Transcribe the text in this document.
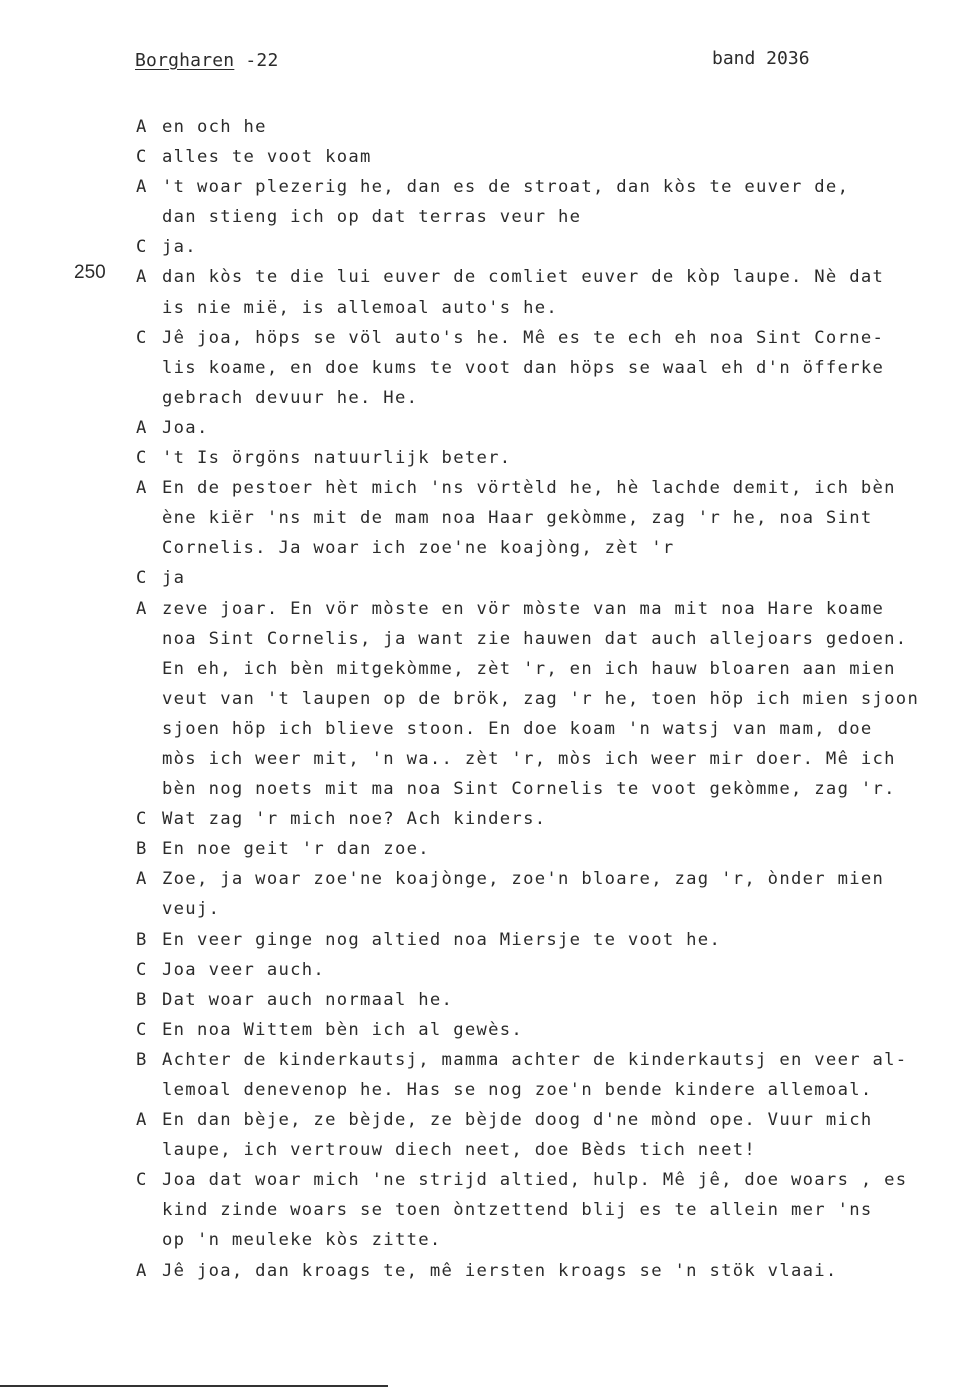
Borgharen -22	band 2036
A en och he
C alles te voot koam
A 't woar plezerig he, dan es de stroat, dan kòs te euver de,
dan stieng ich op dat terras veur he
C ja.
250 A dan kòs te die lui euver de comliet euver de kòp laupe. Nè dat
is nie mië, is allemoal auto's he.
C Jê joa, höps se völ auto's he. Mê es te ech eh noa Sint Corne-
lis koame, en doe kums te voot dan höps se waal eh d'n öfferke
gebrach devuur he. He.
A Joa.
C 't Is örgöns natuurlijk beter.
A En de pestoer hèt mich 'ns vörtèld he, hè lachde demit, ich bèn
ène kiër 'ns mit de mam noa Haar gekòmme, zag 'r he, noa Sint
Cornelis. Ja woar ich zoe'ne koajòng, zèt 'r
C ja
A zeve joar. En vör mòste en vör mòste van ma mit noa Hare koame
noa Sint Cornelis, ja want zie hauwen dat auch allejoars gedoen.
En eh, ich bèn mitgekòmme, zèt 'r, en ich hauw bloaren aan mien
veut van 't laupen op de brök, zag 'r he, toen höp ich mien sjoon
sjoen höp ich blieve stoon. En doe koam 'n watsj van mam, doe
mòs ich weer mit, 'n wa.. zèt 'r, mòs ich weer mir doer. Mê ich
bèn nog noets mit ma noa Sint Cornelis te voot gekòmme, zag 'r.
C Wat zag 'r mich noe? Ach kinders.
B En noe geit 'r dan zoe.
A Zoe, ja woar zoe'ne koajònge, zoe'n bloare, zag 'r, ònder mien
veuj.
B En veer ginge nog altied noa Miersje te voot he.
C Joa veer auch.
B Dat woar auch normaal he.
C En noa Wittem bèn ich al gewès.
B Achter de kinderkautsj, mamma achter de kinderkautsj en veer al-
lemoal denevenop he. Has se nog zoe'n bende kindere allemoal.
A En dan bèje, ze bèjde, ze bèjde doog d'ne mònd ope. Vuur mich
laupe, ich vertrouw diech neet, doe Bèds tich neet!
C Joa dat woar mich 'ne strijd altied, hulp. Mê jê, doe woars , es
kind zinde woars se toen òntzettend blij es te allein mer 'ns
op 'n meuleke kòs zitte.
A Jê joa, dan kroags te, mê iersten kroags se 'n stök vlaai.
